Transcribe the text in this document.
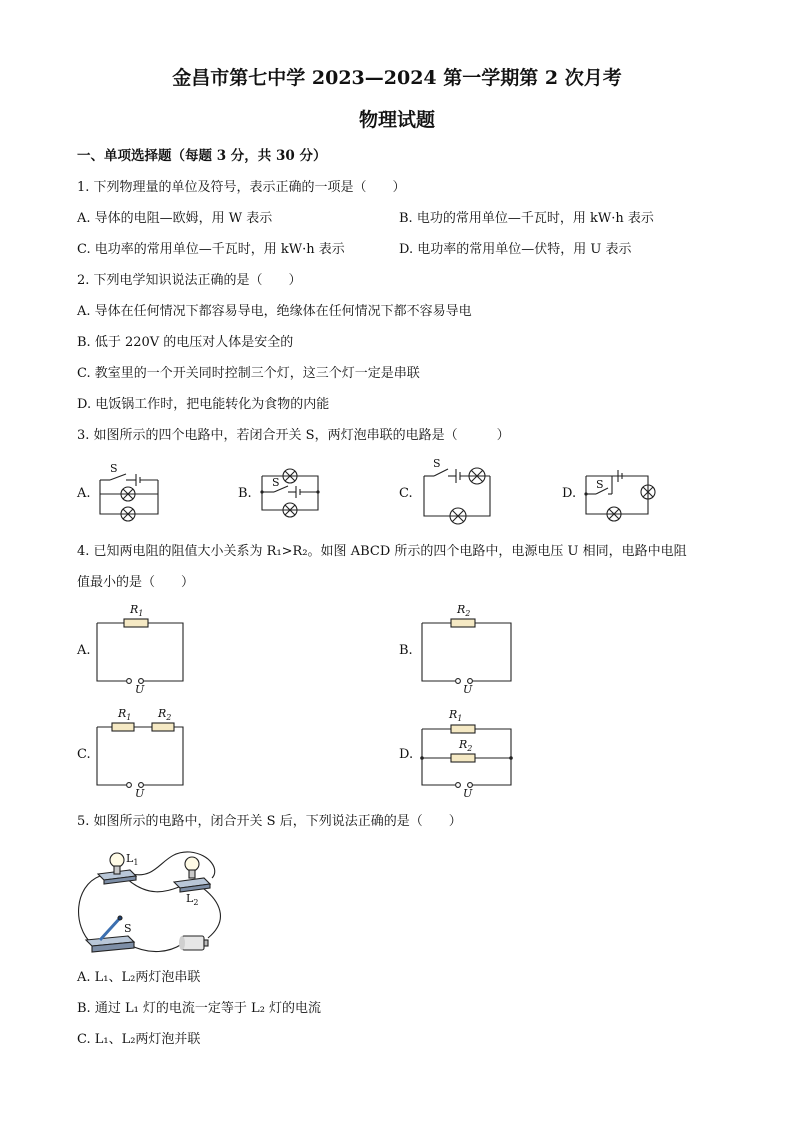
金昌市第七中学 2023—2024 第一学期第 2 次月考
物理试题
一、单项选择题（每题 3 分，共 30 分）
1. 下列物理量的单位及符号，表示正确的一项是（　　）
A. 导体的电阻—欧姆，用 W 表示	B. 电功的常用单位—千瓦时，用 kW·h 表示
C. 电功率的常用单位—千瓦时，用 kW·h 表示	D. 电功率的常用单位—伏特，用 U 表示
2. 下列电学知识说法正确的是（　　）
A. 导体在任何情况下都容易导电，绝缘体在任何情况下都不容易导电
B. 低于 220V 的电压对人体是安全的
C. 教室里的一个开关同时控制三个灯，这三个灯一定是串联
D. 电饭锅工作时，把电能转化为食物的内能
3. 如图所示的四个电路中，若闭合开关 S，两灯泡串联的电路是（　　　）
A.
S
B.
S
C.
S
D.
S
4. 已知两电阻的阻值大小关系为 R₁>R₂。如图 ABCD 所示的四个电路中，电源电压 U 相同，电路中电阻
值最小的是（　　）
A.
$R_1$
U
B.
$R_2$
U
C.
$R_1$ $R_2$
U
D.
$R_1$
$R_2$
U
5. 如图所示的电路中，闭合开关 S 后，下列说法正确的是（　　）
$L_1$
$L_2$
S
A. L₁、L₂两灯泡串联
B. 通过 L₁ 灯的电流一定等于 L₂ 灯的电流
C. L₁、L₂两灯泡并联
